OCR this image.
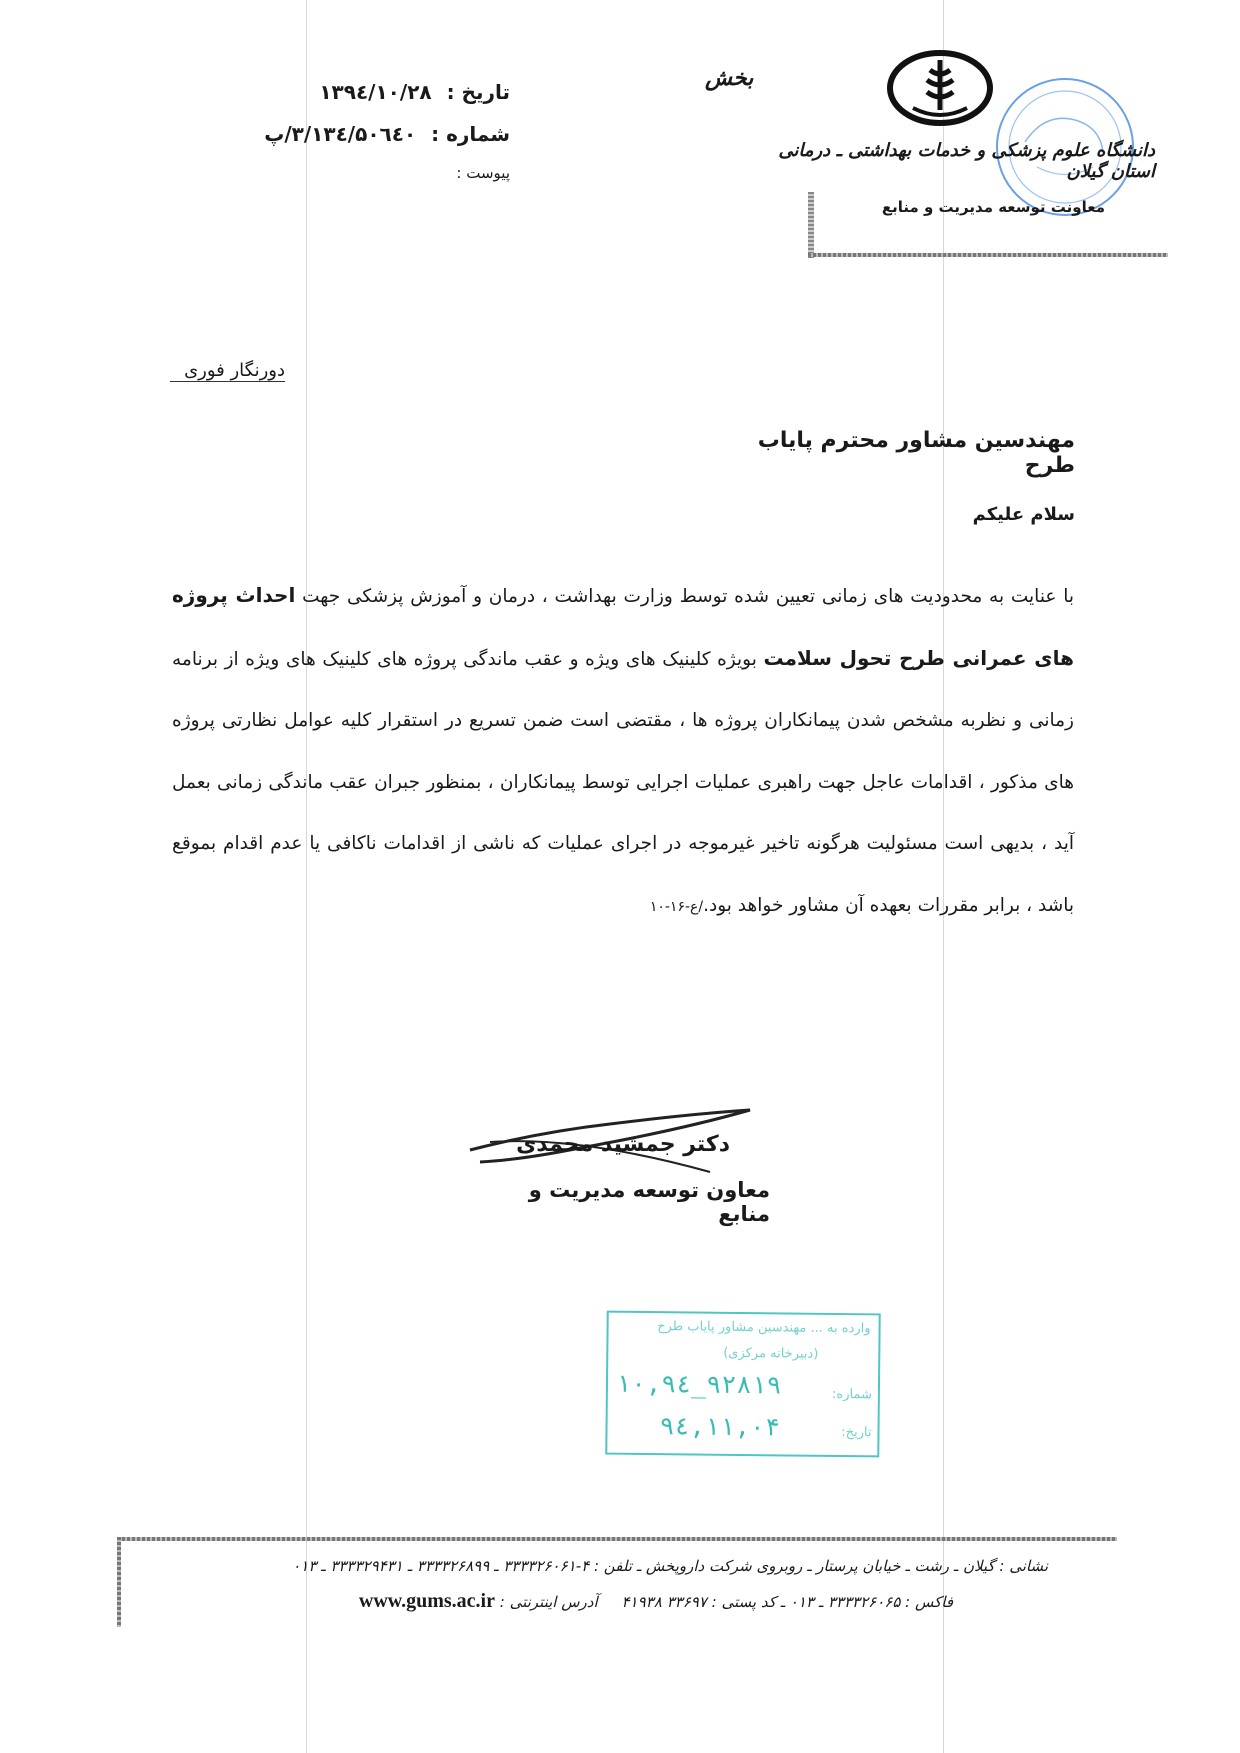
تاریخ : ۱۳۹٤/۱۰/۲۸
شماره : ۳/۱۳٤/۵۰٦٤۰/پ
پیوست :
بخش
دانشگاه علوم پزشکی و خدمات بهداشتی ـ درمانی استان گیلان
معاونت توسعه مدیریت و منابع
دورنگار فوری
مهندسین مشاور محترم پایاب طرح
سلام علیکم
با عنایت به محدودیت های زمانی تعیین شده توسط وزارت بهداشت ، درمان و آموزش پزشکی جهت احداث پروژه های عمرانی طرح تحول سلامت بویژه کلینیک های ویژه و عقب ماندگی پروژه های کلینیک های ویژه از برنامه زمانی و نظربه مشخص شدن پیمانکاران پروژه ها ، مقتضی است ضمن تسریع در استقرار کلیه عوامل نظارتی پروژه های مذکور ، اقدامات عاجل جهت راهبری عملیات اجرایی توسط پیمانکاران ، بمنظور جبران عقب ماندگی زمانی بعمل آید ، بدیهی است مسئولیت هرگونه تاخیر غیرموجه در اجرای عملیات که ناشی از اقدامات ناکافی یا عدم اقدام بموقع باشد ، برابر مقررات بعهده آن مشاور خواهد بود./ع-۱۶-۱۰
دکتر جمشید محمدی
معاون توسعه مدیریت و منابع
وارده به ... مهندسین مشاور پایاب طرح
(دبیرخانه مرکزی)
شماره:
تاریخ:
۱۰,۹٤_۹۲۸۱۹
۹٤,۱۱,۰۴
نشانی : گیلان ـ رشت ـ خیابان پرستار ـ روبروی شرکت داروپخش ـ تلفن : ۴-۳۳۳۳۲۶۰۶۱ ـ ۳۳۳۳۲۶۸۹۹ ـ ۳۳۳۳۲۹۴۳۱ ـ ۰۱۳
فاکس : ۳۳۳۳۲۶۰۶۵ ـ ۰۱۳ ـ کد پستی : ۳۳۶۹۷ ۴۱۹۳۸     آدرس اینترنتی : www.gums.ac.ir
